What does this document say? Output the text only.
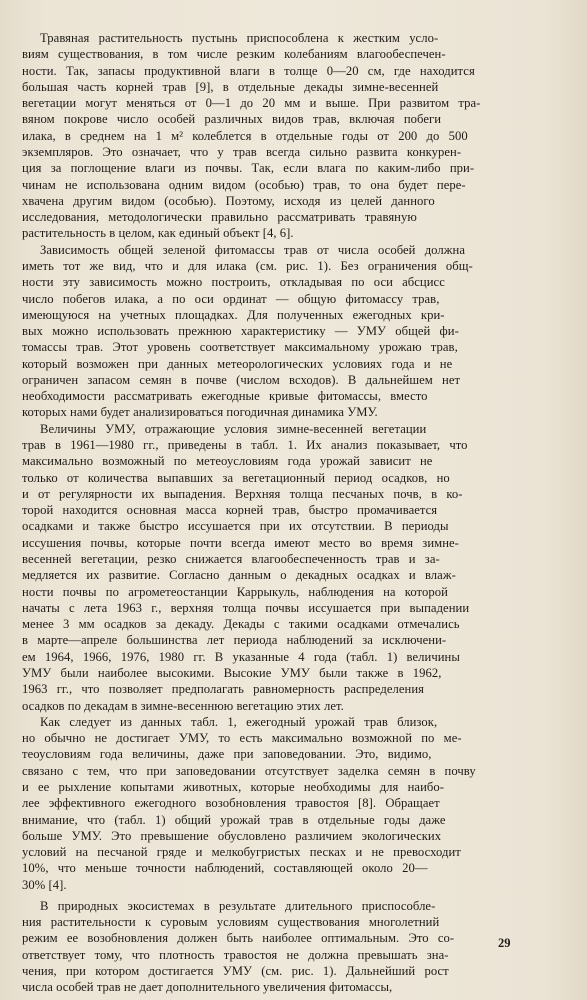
Травяная растительность пустынь приспособлена к жестким усло-
виям существования, в том числе резким колебаниям влагообеспечен-
ности. Так, запасы продуктивной влаги в толще 0—20 см, где находится
большая часть корней трав [9], в отдельные декады зимне-весенней
вегетации могут меняться от 0—1 до 20 мм и выше. При развитом тра-
вяном покрове число особей различных видов трав, включая побеги
илака, в среднем на 1 м² колеблется в отдельные годы от 200 до 500
экземпляров. Это означает, что у трав всегда сильно развита конкурен-
ция за поглощение влаги из почвы. Так, если влага по каким-либо при-
чинам не использована одним видом (особью) трав, то она будет пере-
хвачена другим видом (особью). Поэтому, исходя из целей данного
исследования, методологически правильно рассматривать травяную
растительность в целом, как единый объект [4, 6].
Зависимость общей зеленой фитомассы трав от числа особей должна
иметь тот же вид, что и для илака (см. рис. 1). Без ограничения общ-
ности эту зависимость можно построить, откладывая по оси абсцисс
число побегов илака, а по оси ординат — общую фитомассу трав,
имеющуюся на учетных площадках. Для полученных ежегодных кри-
вых можно использовать прежнюю характеристику — УМУ общей фи-
томассы трав. Этот уровень соответствует максимальному урожаю трав,
который возможен при данных метеорологических условиях года и не
ограничен запасом семян в почве (числом всходов). В дальнейшем нет
необходимости рассматривать ежегодные кривые фитомассы, вместо
которых нами будет анализироваться погодичная динамика УМУ.
Величины УМУ, отражающие условия зимне-весенней вегетации
трав в 1961—1980 гг., приведены в табл. 1. Их анализ показывает, что
максимально возможный по метеоусловиям года урожай зависит не
только от количества выпавших за вегетационный период осадков, но
и от регулярности их выпадения. Верхняя толща песчаных почв, в ко-
торой находится основная масса корней трав, быстро промачивается
осадками и также быстро иссушается при их отсутствии. В периоды
иссушения почвы, которые почти всегда имеют место во время зимне-
весенней вегетации, резко снижается влагообеспеченность трав и за-
медляется их развитие. Согласно данным о декадных осадках и влаж-
ности почвы по агрометеостанции Каррыкуль, наблюдения на которой
начаты с лета 1963 г., верхняя толща почвы иссушается при выпадении
менее 3 мм осадков за декаду. Декады с такими осадками отмечались
в марте—апреле большинства лет периода наблюдений за исключени-
ем 1964, 1966, 1976, 1980 гг. В указанные 4 года (табл. 1) величины
УМУ были наиболее высокими. Высокие УМУ были также в 1962,
1963 гг., что позволяет предполагать равномерность распределения
осадков по декадам в зимне-весеннюю вегетацию этих лет.
Как следует из данных табл. 1, ежегодный урожай трав близок,
но обычно не достигает УМУ, то есть максимально возможной по ме-
теоусловиям года величины, даже при заповедовании. Это, видимо,
связано с тем, что при заповедовании отсутствует заделка семян в почву
и ее рыхление копытами животных, которые необходимы для наибо-
лее эффективного ежегодного возобновления травостоя [8]. Обращает
внимание, что (табл. 1) общий урожай трав в отдельные годы даже
больше УМУ. Это превышение обусловлено различием экологических
условий на песчаной гряде и мелкобугристых песках и не превосходит
10%, что меньше точности наблюдений, составляющей около 20—
30% [4].
В природных экосистемах в результате длительного приспособле-
ния растительности к суровым условиям существования многолетний
режим ее возобновления должен быть наиболее оптимальным. Это со-
ответствует тому, что плотность травостоя не должна превышать зна-
чения, при котором достигается УМУ (см. рис. 1). Дальнейший рост
числа особей трав не дает дополнительного увеличения фитомассы,
29
